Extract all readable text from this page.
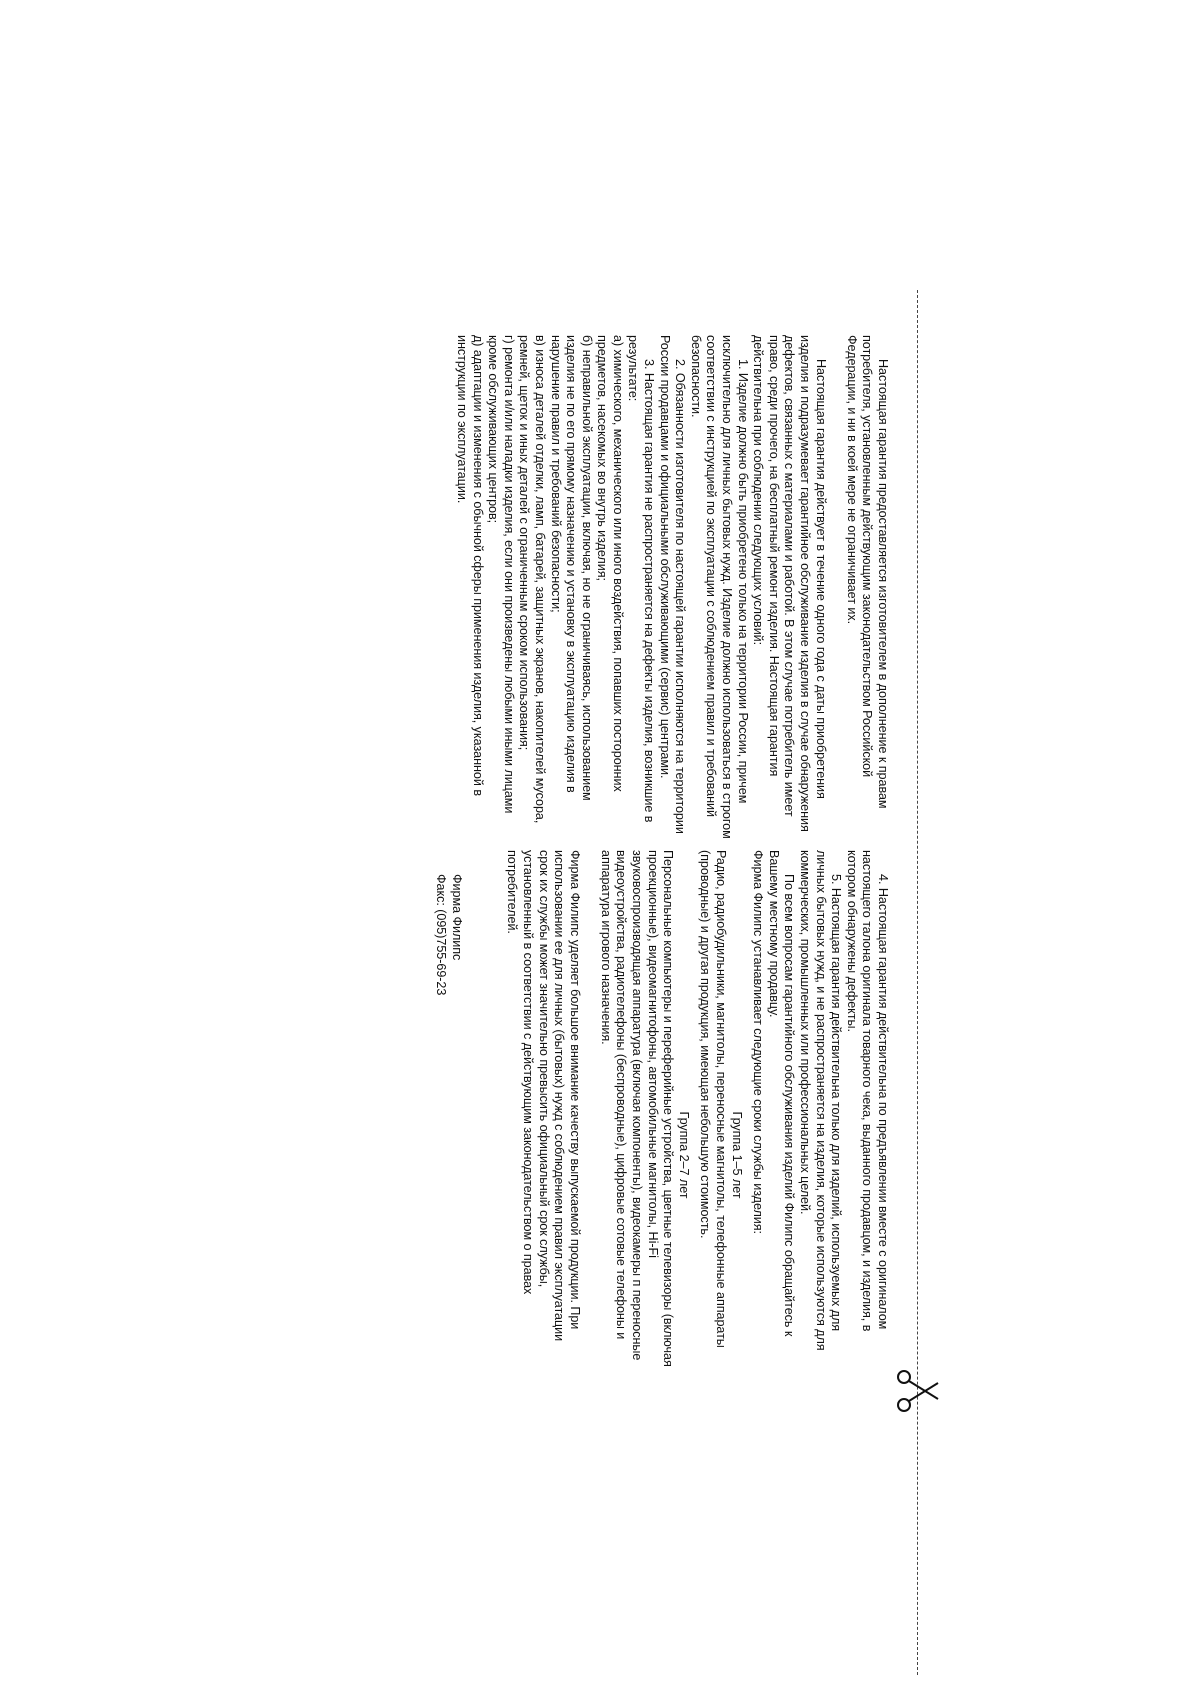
Настоящая гарантия предоставляется изготовителем в дополнение к правам потребителя, установленным действующим законодательством Российской Федерации, и ни в коей мере не ограничивает их.

Настоящая гарантия действует в течение одного года с даты приобретения изделия и подразумевает гарантийное обслуживание изделия в случае обнаружения дефектов, связанных с материалами и работой. В этом случае потребитель имеет право, среди прочего, на бесплатный ремонт изделия. Настоящая гарантия действительна при соблюдении следующих условий:

1. Изделие должно быть приобретено только на территории России, причем исключительно для личных бытовых нужд. Изделие должно использоваться в строгом соответствии с инструкцией по эксплуатации с соблюдением правил и требований безопасности.

2. Обязанности изготовителя по настоящей гарантии исполняются на территории России продавцами и официальными обслуживающими (сервис) центрами.

3. Настоящая гарантия не распространяется на дефекты изделия, возникшие в результате:

а) химического, механического или иного воздействия, попавших посторонних предметов, насекомых во внутрь изделия;

б) неправильной эксплуатации, включая, но не ограничиваясь, использованием изделия не по его прямому назначению и установку в эксплуатацию изделия в нарушение правил и требований безопасности;

в) износа деталей отделки, ламп, батарей, защитных экранов, накопителей мусора, ремней, щеток и иных деталей с ограниченным сроком использования;

г) ремонта и/или наладки изделия, если они произведены любыми иными лицами кроме обслуживающих центров;

д) адаптации и изменения с обычной сферы применения изделия, указанной в инструкции по эксплуатации.

4. Настоящая гарантия действительна по предъявлении вместе с оригиналом настоящего талона оригинала товарного чека, выданного продавцом, и изделия, в котором обнаружены дефекты.

5. Настоящая гарантия действительна только для изделий, используемых для личных бытовых нужд, и не распространяется на изделия, которые используются для коммерческих, промышленных или профессиональных целей.

По всем вопросам гарантийного обслуживания изделий Филипс обращайтесь к Вашему местному продавцу.

Фирма Филипс устанавливает следующие сроки службы изделия:

Группа 1–5 лет

Радио, радиобудильники, магнитолы, переносные магнитолы, телефонные аппараты (проводные) и другая продукция, имеющая небольшую стоимость.

Группа 2–7 лет

Персональные компьютеры и переферийные устройства, цветные телевизоры (включая проекционные), видеомагнитофоны, автомобильные магнитолы, Hi-Fi звуковоспроизводящая аппаратура (включая компоненты), видеокамеры п переносные видеоустройства, радиотелефоны (беспроводные), цифровые сотовые телефоны и аппаратура игрового назначения.

Фирма Филипс уделяет большое внимание качеству выпускаемой продукции. При использовании ее для личных (бытовых) нужд с соблюдением правил эксплуатации срок их службы может значительно превысить официальный срок службы, установленный в соответствии с действующим законодательством о правах потребителей.

Фирма Филипс

Факс: (095)755-69-23
